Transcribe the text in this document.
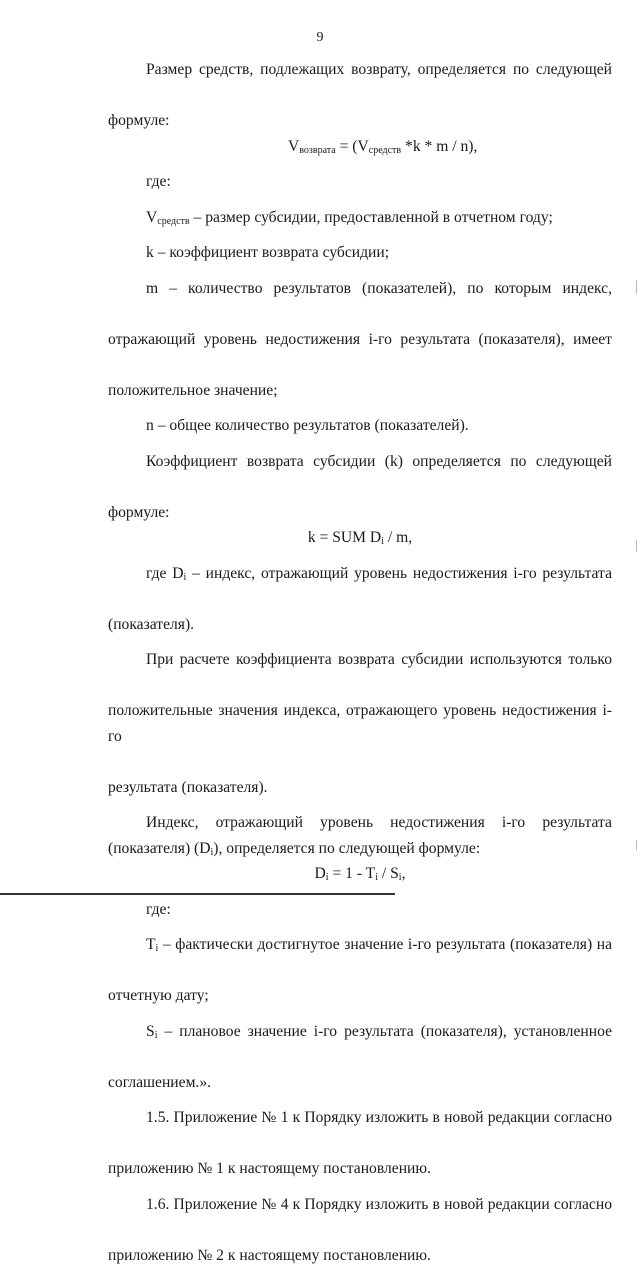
9

Размер средств, подлежащих возврату, определяется по следующей

формуле:

$V_{возврата} = (V_{средств}$ *k * m / n),

где:

$V_{средств}$ – размер субсидии, предоставленной в отчетном году;

k – коэффициент возврата субсидии;

m – количество результатов (показателей), по которым индекс,

отражающий уровень недостижения i-го результата (показателя), имеет

положительное значение;

n – общее количество результатов (показателей).

Коэффициент возврата субсидии (k) определяется по следующей

формуле:

k = SUM $D_i$ / m,

где $D_i$ – индекс, отражающий уровень недостижения i-го результата

(показателя).

При расчете коэффициента возврата субсидии используются только

положительные значения индекса, отражающего уровень недостижения i-го

результата (показателя).

Индекс, отражающий уровень недостижения i-го результата

(показателя) $(D_i)$, определяется по следующей формуле:

$D_i = 1 - T_i / S_i$,

где:

$T_i$ – фактически достигнутое значение i-го результата (показателя) на

отчетную дату;

$S_i$ – плановое значение i-го результата (показателя), установленное

соглашением.».

1.5. Приложение № 1 к Порядку изложить в новой редакции согласно

приложению № 1 к настоящему постановлению.

1.6. Приложение № 4 к Порядку изложить в новой редакции согласно

приложению № 2 к настоящему постановлению.
